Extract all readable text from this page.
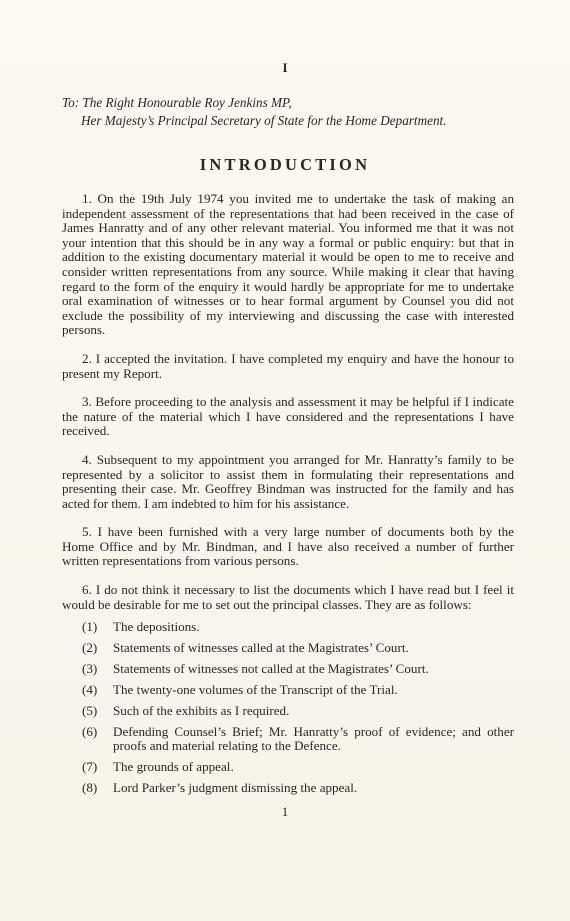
I
To: The Right Honourable Roy Jenkins MP,
Her Majesty’s Principal Secretary of State for the Home Department.
INTRODUCTION

1. On the 19th July 1974 you invited me to undertake the task of making an independent assessment of the representations that had been received in the case of James Hanratty and of any other relevant material. You informed me that it was not your intention that this should be in any way a formal or public enquiry: but that in addition to the existing documentary material it would be open to me to receive and consider written representations from any source. While making it clear that having regard to the form of the enquiry it would hardly be appropriate for me to undertake oral examination of witnesses or to hear formal argument by Counsel you did not exclude the possibility of my interviewing and discussing the case with interested persons.

2. I accepted the invitation. I have completed my enquiry and have the honour to present my Report.

3. Before proceeding to the analysis and assessment it may be helpful if I indicate the nature of the material which I have considered and the representations I have received.

4. Subsequent to my appointment you arranged for Mr. Hanratty’s family to be represented by a solicitor to assist them in formulating their representations and presenting their case. Mr. Geoffrey Bindman was instructed for the family and has acted for them. I am indebted to him for his assistance.

5. I have been furnished with a very large number of documents both by the Home Office and by Mr. Bindman, and I have also received a number of further written representations from various persons.

6. I do not think it necessary to list the documents which I have read but I feel it would be desirable for me to set out the principal classes. They are as follows:

(1)	The depositions.
(2)	Statements of witnesses called at the Magistrates’ Court.
(3)	Statements of witnesses not called at the Magistrates’ Court.
(4)	The twenty-one volumes of the Transcript of the Trial.
(5)	Such of the exhibits as I required.
(6)	Defending Counsel’s Brief; Mr. Hanratty’s proof of evidence; and other proofs and material relating to the Defence.
(7)	The grounds of appeal.
(8)	Lord Parker’s judgment dismissing the appeal.
1
